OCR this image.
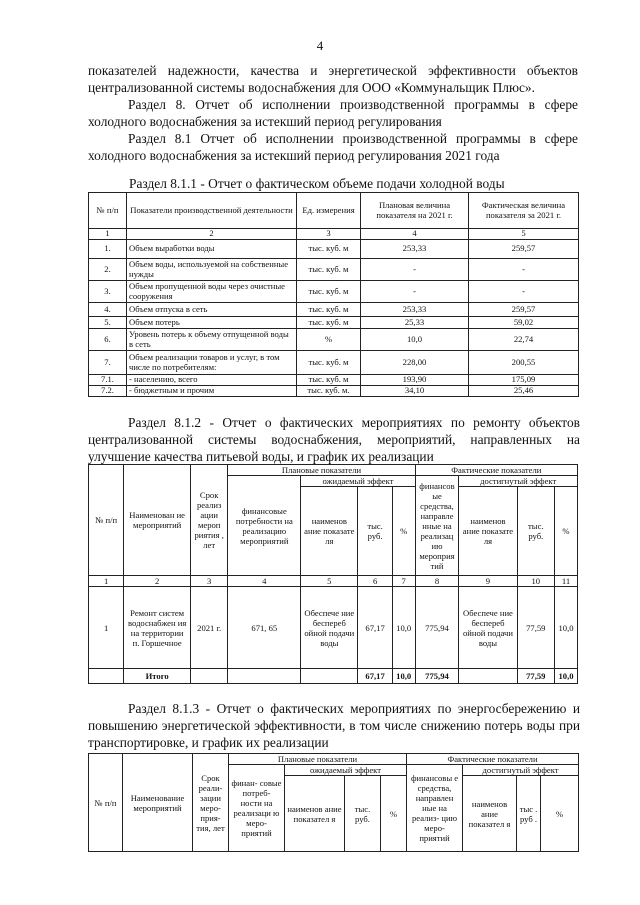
4
показателей надежности, качества и энергетической эффективности объектов централизованной системы водоснабжения для ООО «Коммунальщик Плюс».
Раздел 8. Отчет об исполнении производственной программы в сфере холодного водоснабжения за истекший период регулирования
Раздел 8.1 Отчет об исполнении производственной программы в сфере холодного водоснабжения за истекший период регулирования 2021 года
Раздел 8.1.1 - Отчет о фактическом объеме подачи холодной воды
№ п/п	Показатели производственной деятельности	Ед. измерения	Плановая величина показателя на 2021 г.	Фактическая величина показателя за 2021 г.
1	2	3	4	5
1.	Объем выработки воды	тыс. куб. м	253,33	259,57
2.	Объем воды, используемой на собственные нужды	тыс. куб. м	-	-
3.	Объем пропущенной воды через очистные сооружения	тыс. куб. м	-	-
4.	Объем отпуска в сеть	тыс. куб. м	253,33	259,57
5.	Объем потерь	тыс. куб. м	25,33	59,02
6.	Уровень потерь к объему отпущенной воды в сеть	%	10,0	22,74
7.	Объем реализации товаров и услуг, в том числе по потребителям:	тыс. куб. м	228,00	200,55
7.1.	- населению, всего	тыс. куб. м	193,90	175,09
7.2.	- бюджетным и прочим	тыс. куб. м.	34,10	25,46
Раздел 8.1.2 - Отчет о фактических мероприятиях по ремонту объектов централизованной системы водоснабжения, мероприятий, направленных на улучшение качества питьевой воды, и график их реализации
№ п/п	Наименован ие мероприятий	Срок реализ ации мероп риятия , лет	Плановые показатели				Фактические показатели			
			финансовые потребности на реализацию мероприятий	ожидаемый эффект			финансов ые средства, направле нные на реализац ию мероприя тий	достигнутый эффект		
				наименов ание показате ля	тыс. руб.	%		наименов ание показате ля	тыс. руб.	%
1	2	3	4	5	6	7	8	9	10	11
1	Ремонт систем водоснабжен ия на территории п. Горшечное	2021 г.	671, 65	Обеспече ние беспереб ойной подачи воды	67,17	10,0	775,94	Обеспече ние бесперeб ойной подачи воды	77,59	10,0
	Итого				67,17	10,0	775,94		77,59	10,0
Раздел 8.1.3 - Отчет о фактических мероприятиях по энергосбережению и повышению энергетической эффективности, в том числе снижению потерь воды при транспортировке, и график их реализации
№ п/п	Наименование мероприятий	Срок реали- зации меро- прия- тия, лет	Плановые показатели				Фактические показатели			
			финан- совые потреб- ности на реализаци ю меро- приятий	ожидаемый эффект			финансовы е средства, направлен ные на реализ- цию меро- приятий	достигнутый эффект		
				наименов ание показател я	тыс. руб.	%		наименов ание показател я	тыс . руб .	%
